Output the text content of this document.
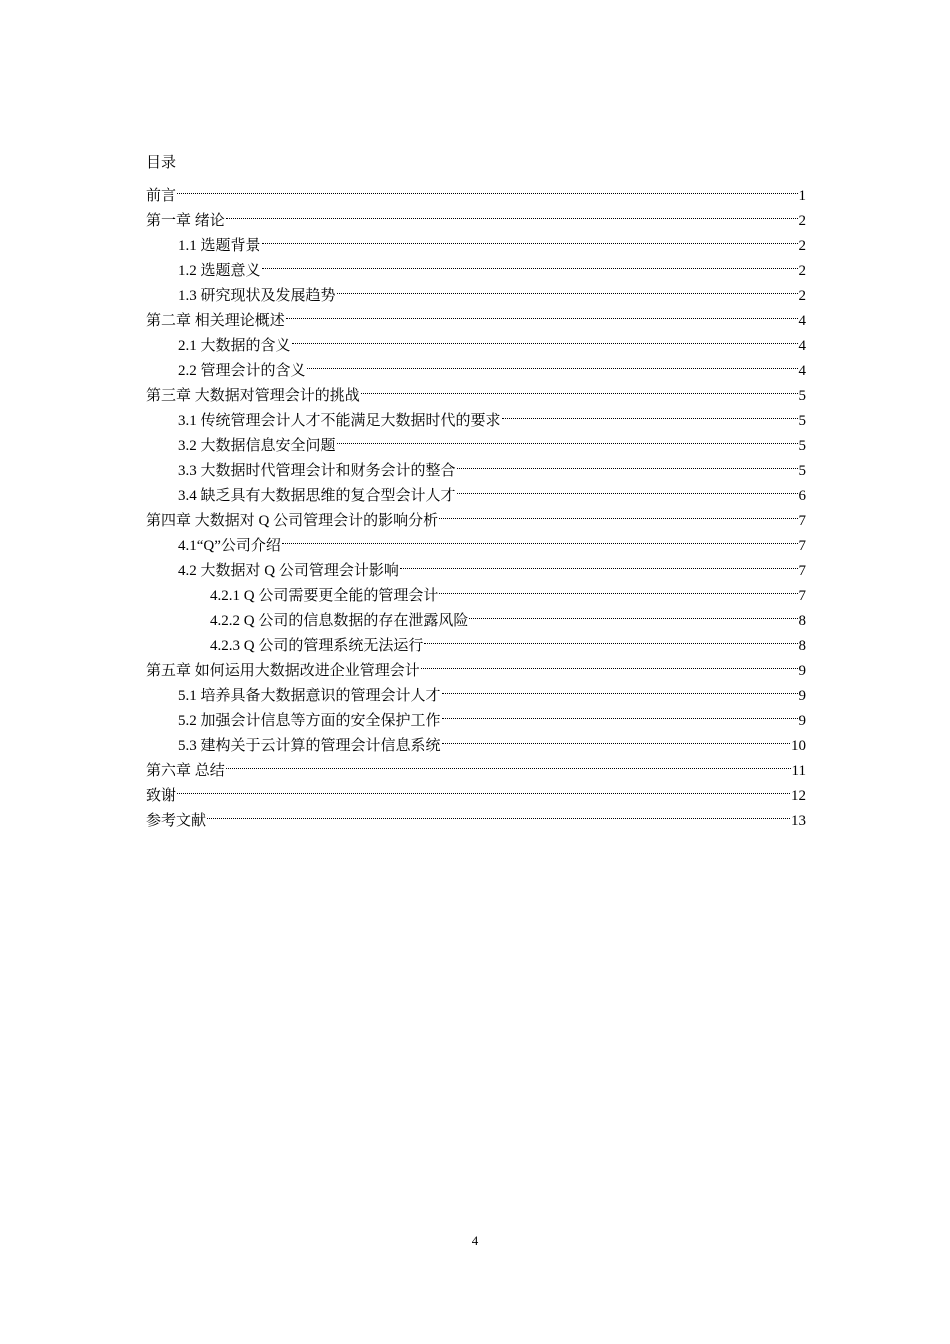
目录
前言	1
第一章 绪论	2
1.1 选题背景	2
1.2 选题意义	2
1.3 研究现状及发展趋势	2
第二章 相关理论概述	4
2.1 大数据的含义	4
2.2 管理会计的含义	4
第三章 大数据对管理会计的挑战	5
3.1 传统管理会计人才不能满足大数据时代的要求	5
3.2 大数据信息安全问题	5
3.3 大数据时代管理会计和财务会计的整合	5
3.4 缺乏具有大数据思维的复合型会计人才	6
第四章 大数据对 Q 公司管理会计的影响分析	7
4.1“Q”公司介绍	7
4.2 大数据对 Q 公司管理会计影响	7
4.2.1 Q 公司需要更全能的管理会计	7
4.2.2 Q 公司的信息数据的存在泄露风险	8
4.2.3 Q 公司的管理系统无法运行	8
第五章 如何运用大数据改进企业管理会计	9
5.1 培养具备大数据意识的管理会计人才	9
5.2 加强会计信息等方面的安全保护工作	9
5.3 建构关于云计算的管理会计信息系统	10
第六章 总结	11
致谢	12
参考文献	13
4
